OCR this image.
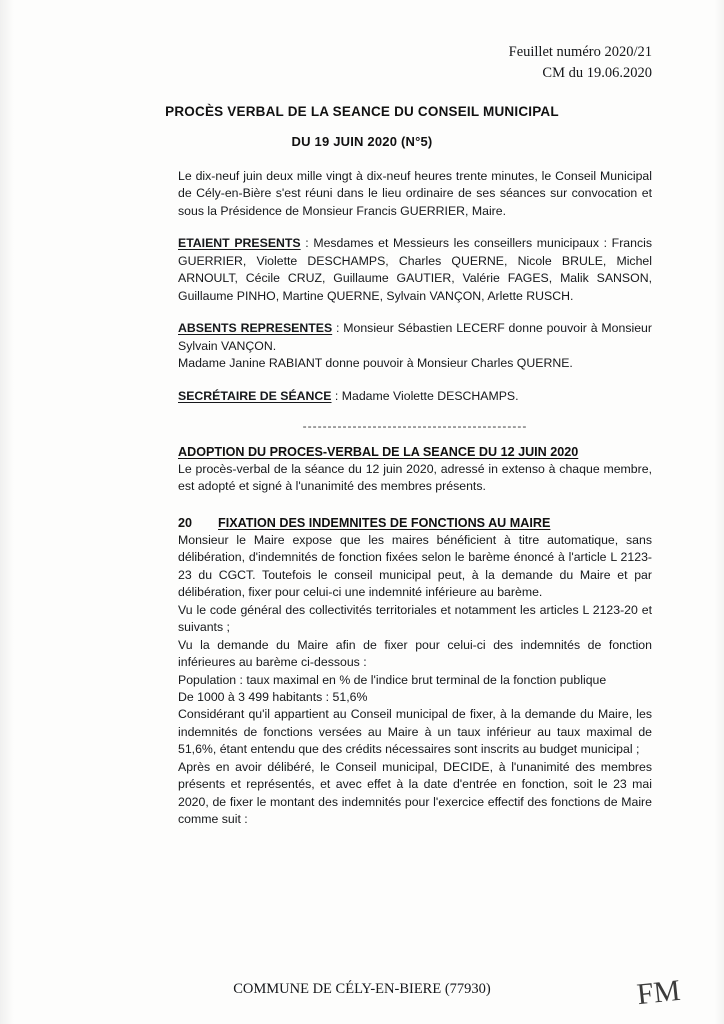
Feuillet numéro 2020/21
CM du 19.06.2020
PROCÈS VERBAL DE LA SEANCE DU CONSEIL MUNICIPAL
DU 19 JUIN 2020 (N°5)

Le dix-neuf juin deux mille vingt à dix-neuf heures trente minutes, le Conseil Municipal de Cély-en-Bière s'est réuni dans le lieu ordinaire de ses séances sur convocation et sous la Présidence de Monsieur Francis GUERRIER, Maire.

ETAIENT PRESENTS : Mesdames et Messieurs les conseillers municipaux : Francis GUERRIER, Violette DESCHAMPS, Charles QUERNE, Nicole BRULE, Michel ARNOULT, Cécile CRUZ, Guillaume GAUTIER, Valérie FAGES, Malik SANSON, Guillaume PINHO, Martine QUERNE, Sylvain VANÇON, Arlette RUSCH.

ABSENTS REPRESENTES : Monsieur Sébastien LECERF donne pouvoir à Monsieur Sylvain VANÇON.

Madame Janine RABIANT donne pouvoir à Monsieur Charles QUERNE.

SECRÉTAIRE DE SÉANCE : Madame Violette DESCHAMPS.

---------------------------------------------
ADOPTION DU PROCES-VERBAL DE LA SEANCE DU 12 JUIN 2020

Le procès-verbal de la séance du 12 juin 2020, adressé in extenso à chaque membre, est adopté et signé à l'unanimité des membres présents.

20 FIXATION DES INDEMNITES DE FONCTIONS AU MAIRE

Monsieur le Maire expose que les maires bénéficient à titre automatique, sans délibération, d'indemnités de fonction fixées selon le barème énoncé à l'article L 2123-23 du CGCT. Toutefois le conseil municipal peut, à la demande du Maire et par délibération, fixer pour celui-ci une indemnité inférieure au barème.

Vu le code général des collectivités territoriales et notamment les articles L 2123-20 et suivants ;

Vu la demande du Maire afin de fixer pour celui-ci des indemnités de fonction inférieures au barème ci-dessous :

Population : taux maximal en % de l'indice brut terminal de la fonction publique

De 1000 à 3 499 habitants : 51,6%

Considérant qu'il appartient au Conseil municipal de fixer, à la demande du Maire, les indemnités de fonctions versées au Maire à un taux inférieur au taux maximal de 51,6%, étant entendu que des crédits nécessaires sont inscrits au budget municipal ;

Après en avoir délibéré, le Conseil municipal, DECIDE, à l'unanimité des membres présents et représentés, et avec effet à la date d'entrée en fonction, soit le 23 mai 2020, de fixer le montant des indemnités pour l'exercice effectif des fonctions de Maire comme suit :

COMMUNE DE CÉLY-EN-BIERE (77930)	FM
